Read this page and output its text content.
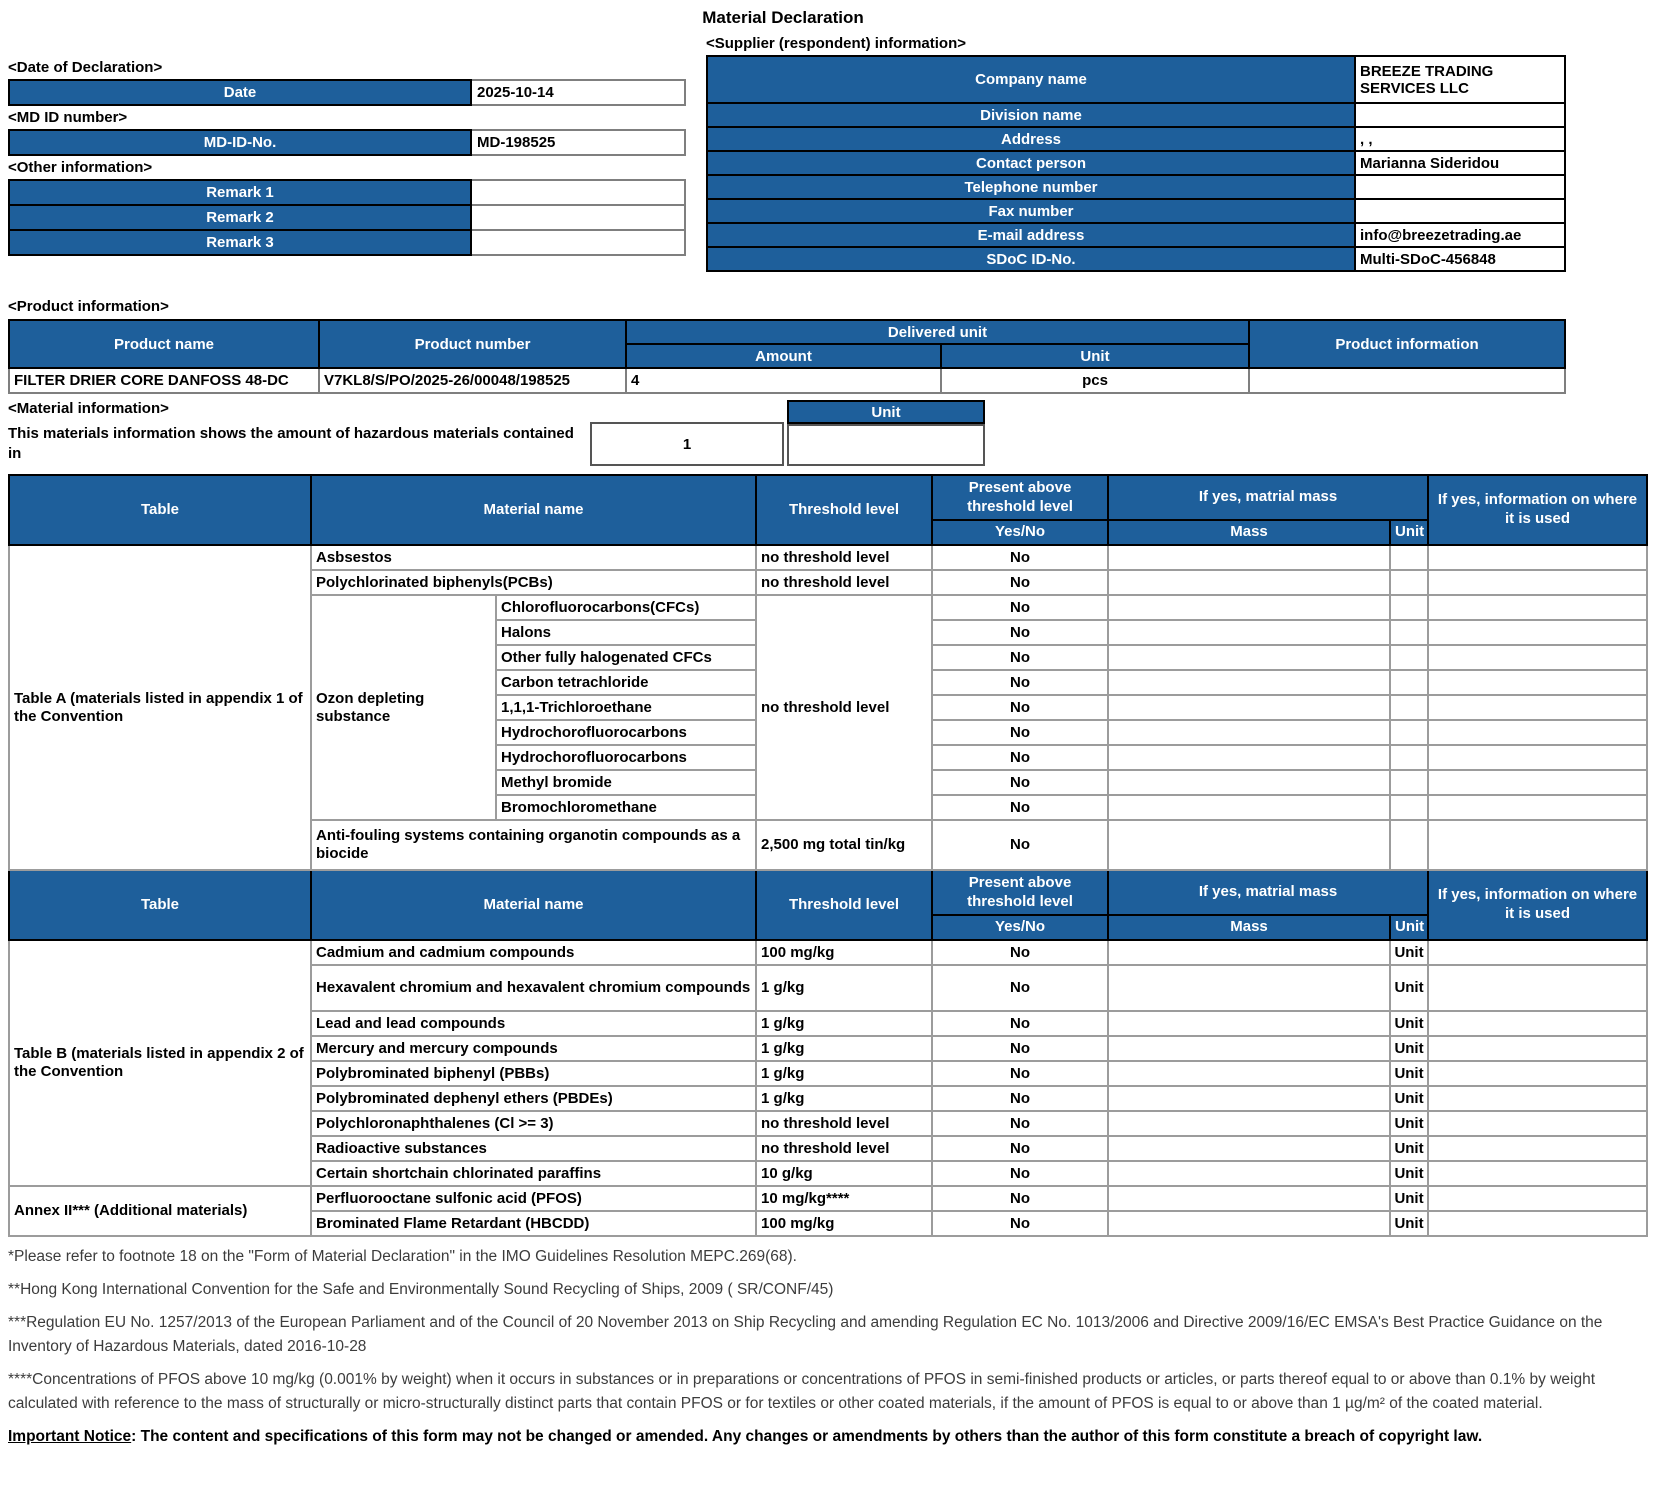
Material Declaration
<Date of Declaration>
Date	2025-10-14
<MD ID number>
MD-ID-No.	MD-198525
<Other information>
Remark 1	
Remark 2	
Remark 3	
<Supplier (respondent) information>
Company name	BREEZE TRADING SERVICES LLC
Division name	
Address	, ,
Contact person	Marianna Sideridou
Telephone number	
Fax number	
E-mail address	info@breezetrading.ae
SDoC ID-No.	Multi-SDoC-456848
<Product information>
Product name	Product number	Delivered unit		Product information
		Amount	Unit	
FILTER DRIER CORE DANFOSS 48-DC	V7KL8/S/PO/2025-26/00048/198525	4	pcs	
<Material information>
This materials information shows the amount of hazardous materials contained in
1
Unit
Table	Material name		Threshold level	Present above threshold level	If yes, matrial mass		If yes, information on where it is used
				Yes/No	Mass	Unit	
Table A (materials listed in appendix 1 of the Convention	Asbsestos		no threshold level	No			
	Polychlorinated biphenyls(PCBs)		no threshold level	No			
	Ozon depleting substance	Chlorofluorocarbons(CFCs)	no threshold level	No			
		Halons		No			
		Other fully halogenated CFCs		No			
		Carbon tetrachloride		No			
		1,1,1-Trichloroethane		No			
		Hydrochorofluorocarbons		No			
		Hydrochorofluorocarbons		No			
		Methyl bromide		No			
		Bromochloromethane		No			
	Anti-fouling systems containing organotin compounds as a biocide		2,500 mg total tin/kg	No			
Table	Material name		Threshold level	Present above threshold level	If yes, matrial mass		If yes, information on where it is used
				Yes/No	Mass	Unit	
Table B (materials listed in appendix 2 of the Convention	Cadmium and cadmium compounds		100 mg/kg	No		Unit	
	Hexavalent chromium and hexavalent chromium compounds		1 g/kg	No		Unit	
	Lead and lead compounds		1 g/kg	No		Unit	
	Mercury and mercury compounds		1 g/kg	No		Unit	
	Polybrominated biphenyl (PBBs)		1 g/kg	No		Unit	
	Polybrominated dephenyl ethers (PBDEs)		1 g/kg	No		Unit	
	Polychloronaphthalenes (Cl >= 3)		no threshold level	No		Unit	
	Radioactive substances		no threshold level	No		Unit	
	Certain shortchain chlorinated paraffins		10 g/kg	No		Unit	
Annex II*** (Additional materials)	Perfluorooctane sulfonic acid (PFOS)		10 mg/kg****	No		Unit	
	Brominated Flame Retardant (HBCDD)		100 mg/kg	No		Unit	

*Please refer to footnote 18 on the "Form of Material Declaration" in the IMO Guidelines Resolution MEPC.269(68).

**Hong Kong International Convention for the Safe and Environmentally Sound Recycling of Ships, 2009 ( SR/CONF/45)

***Regulation EU No. 1257/2013 of the European Parliament and of the Council of 20 November 2013 on Ship Recycling and amending Regulation EC No. 1013/2006 and Directive 2009/16/EC EMSA's Best Practice Guidance on the Inventory of Hazardous Materials, dated 2016-10-28

****Concentrations of PFOS above 10 mg/kg (0.001% by weight) when it occurs in substances or in preparations or concentrations of PFOS in semi-finished products or articles, or parts thereof equal to or above than 0.1% by weight calculated with reference to the mass of structurally or micro-structurally distinct parts that contain PFOS or for textiles or other coated materials, if the amount of PFOS is equal to or above than 1 µg/m² of the coated material.

Important Notice: The content and specifications of this form may not be changed or amended. Any changes or amendments by others than the author of this form constitute a breach of copyright law.
